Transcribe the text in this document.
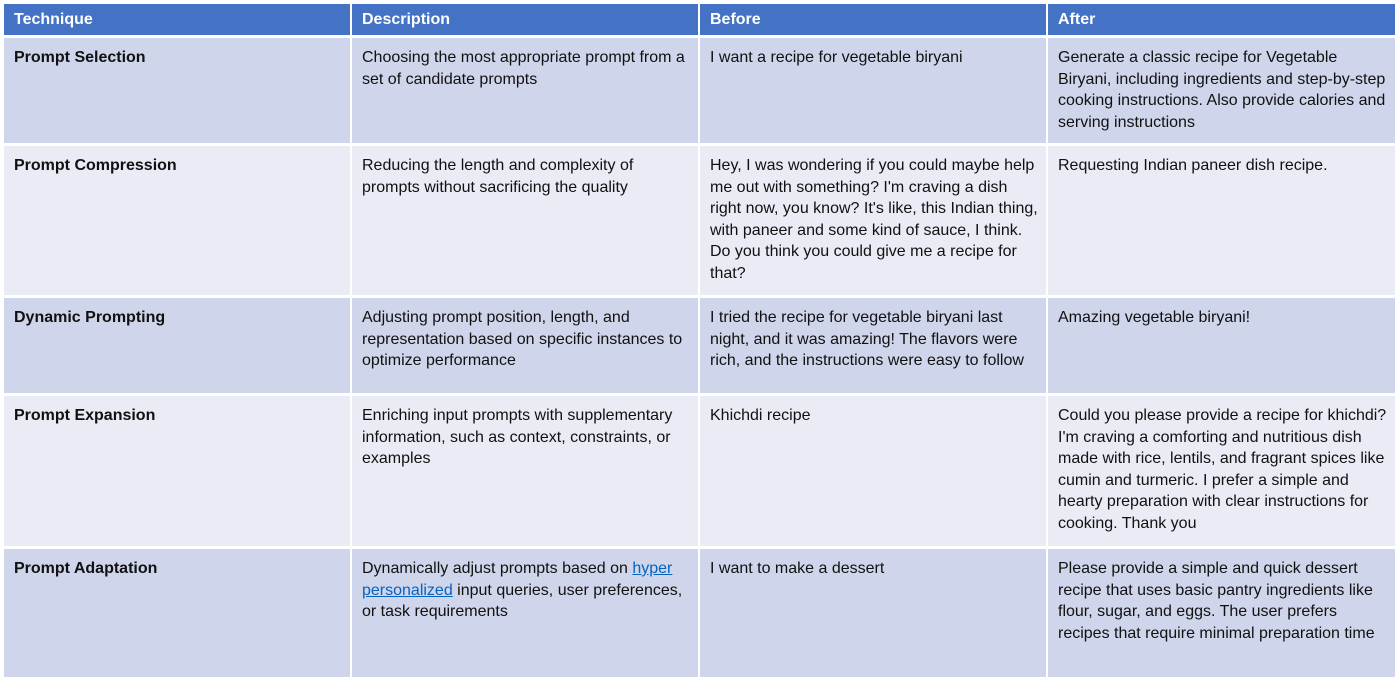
Technique	Description	Before	After
Prompt Selection	Choosing the most appropriate prompt from a set of candidate prompts	I want a recipe for vegetable biryani	Generate a classic recipe for Vegetable Biryani, including ingredients and step-by-step cooking instructions. Also provide calories and serving instructions
Prompt Compression	Reducing the length and complexity of prompts without sacrificing the quality	Hey, I was wondering if you could maybe help me out with something? I'm craving a dish right now, you know? It's like, this Indian thing, with paneer and some kind of sauce, I think. Do you think you could give me a recipe for that?	Requesting Indian paneer dish recipe.
Dynamic Prompting	Adjusting prompt position, length, and representation based on specific instances to optimize performance	I tried the recipe for vegetable biryani last night, and it was amazing! The flavors were rich, and the instructions were easy to follow	Amazing vegetable biryani!
Prompt Expansion	Enriching input prompts with supplementary information, such as context, constraints, or examples	Khichdi recipe	Could you please provide a recipe for khichdi? I'm craving a comforting and nutritious dish made with rice, lentils, and fragrant spices like cumin and turmeric. I prefer a simple and hearty preparation with clear instructions for cooking. Thank you
Prompt Adaptation	Dynamically adjust prompts based on hyper personalized input queries, user preferences, or task requirements	I want to make a dessert	Please provide a simple and quick dessert recipe that uses basic pantry ingredients like flour, sugar, and eggs. The user prefers recipes that require minimal preparation time
